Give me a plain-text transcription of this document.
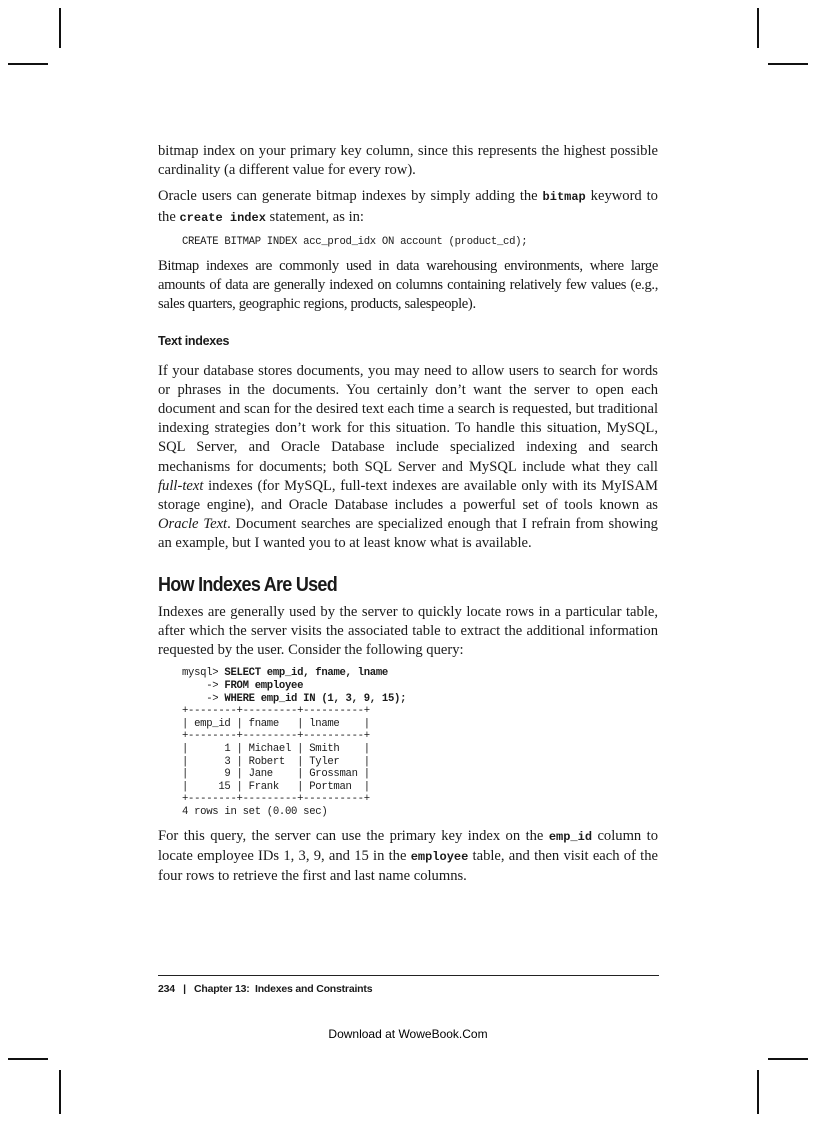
bitmap index on your primary key column, since this represents the highest possible cardinality (a different value for every row).

Oracle users can generate bitmap indexes by simply adding the bitmap keyword to the create index statement, as in:

CREATE BITMAP INDEX acc_prod_idx ON account (product_cd);

Bitmap indexes are commonly used in data warehousing environments, where large amounts of data are generally indexed on columns containing relatively few values (e.g., sales quarters, geographic regions, products, salespeople).

Text indexes

If your database stores documents, you may need to allow users to search for words or phrases in the documents. You certainly don’t want the server to open each document and scan for the desired text each time a search is requested, but traditional indexing strategies don’t work for this situation. To handle this situation, MySQL, SQL Server, and Oracle Database include specialized indexing and search mechanisms for documents; both SQL Server and MySQL include what they call full-text indexes (for MySQL, full-text indexes are available only with its MyISAM storage engine), and Oracle Database includes a powerful set of tools known as Oracle Text. Document searches are specialized enough that I refrain from showing an example, but I wanted you to at least know what is available.

How Indexes Are Used

Indexes are generally used by the server to quickly locate rows in a particular table, after which the server visits the associated table to extract the additional information requested by the user. Consider the following query:

mysql> SELECT emp_id, fname, lname
-> FROM employee
-> WHERE emp_id IN (1, 3, 9, 15);
+--------+---------+----------+
| emp_id | fname   | lname    |
+--------+---------+----------+
|      1 | Michael | Smith    |
|      3 | Robert  | Tyler    |
|      9 | Jane    | Grossman |
|     15 | Frank   | Portman  |
+--------+---------+----------+
4 rows in set (0.00 sec)

For this query, the server can use the primary key index on the emp_id column to locate employee IDs 1, 3, 9, and 15 in the employee table, and then visit each of the four rows to retrieve the first and last name columns.

234 | Chapter 13:  Indexes and Constraints
Download at WoweBook.Com
